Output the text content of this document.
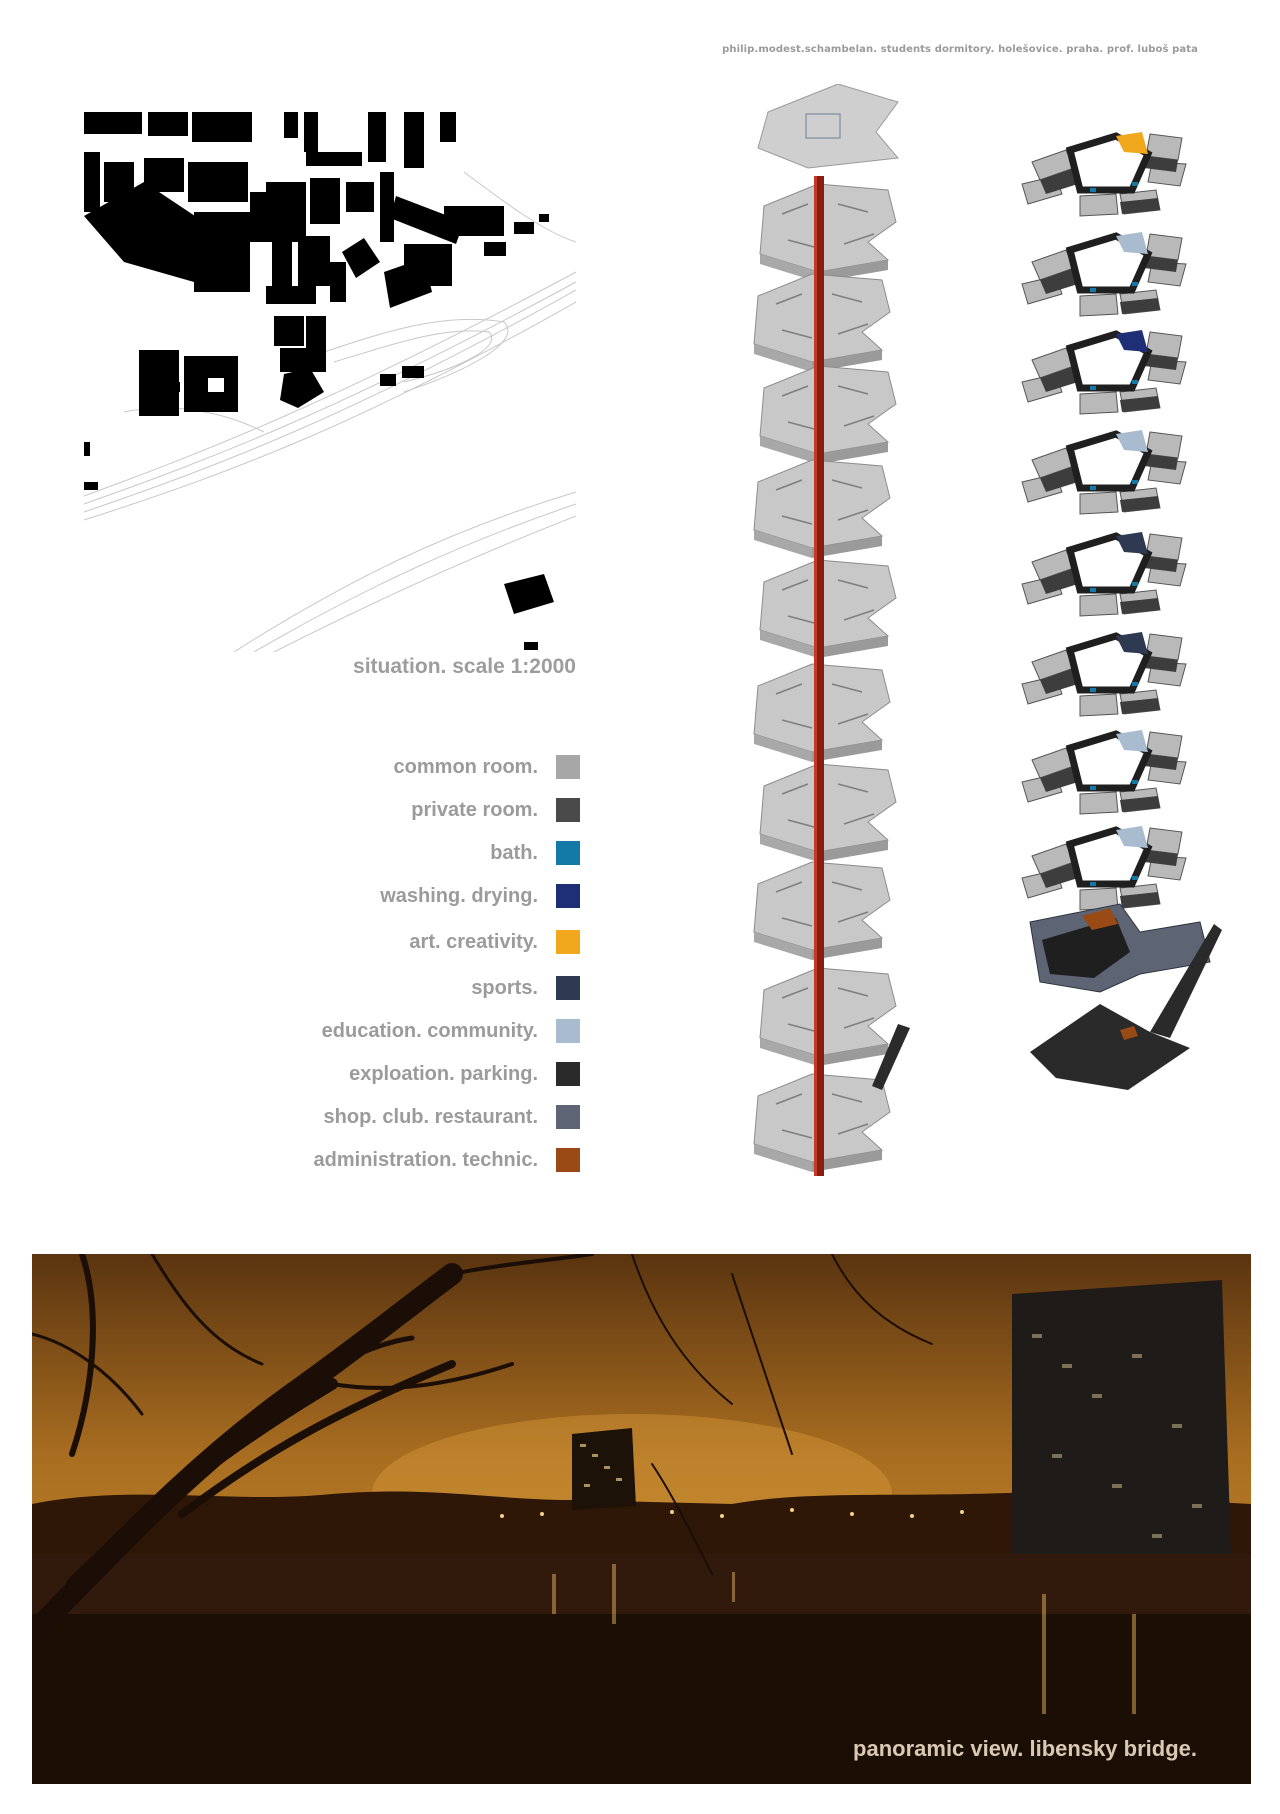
philip.modest.schambelan. students dormitory. holešovice. praha. prof. luboš pata
situation. scale 1:2000
common room.
private room.
bath.
washing. drying.
art. creativity.
sports.
education. community.
exploation. parking.
shop. club. restaurant.
administration. technic.
panoramic view. libensky bridge.
